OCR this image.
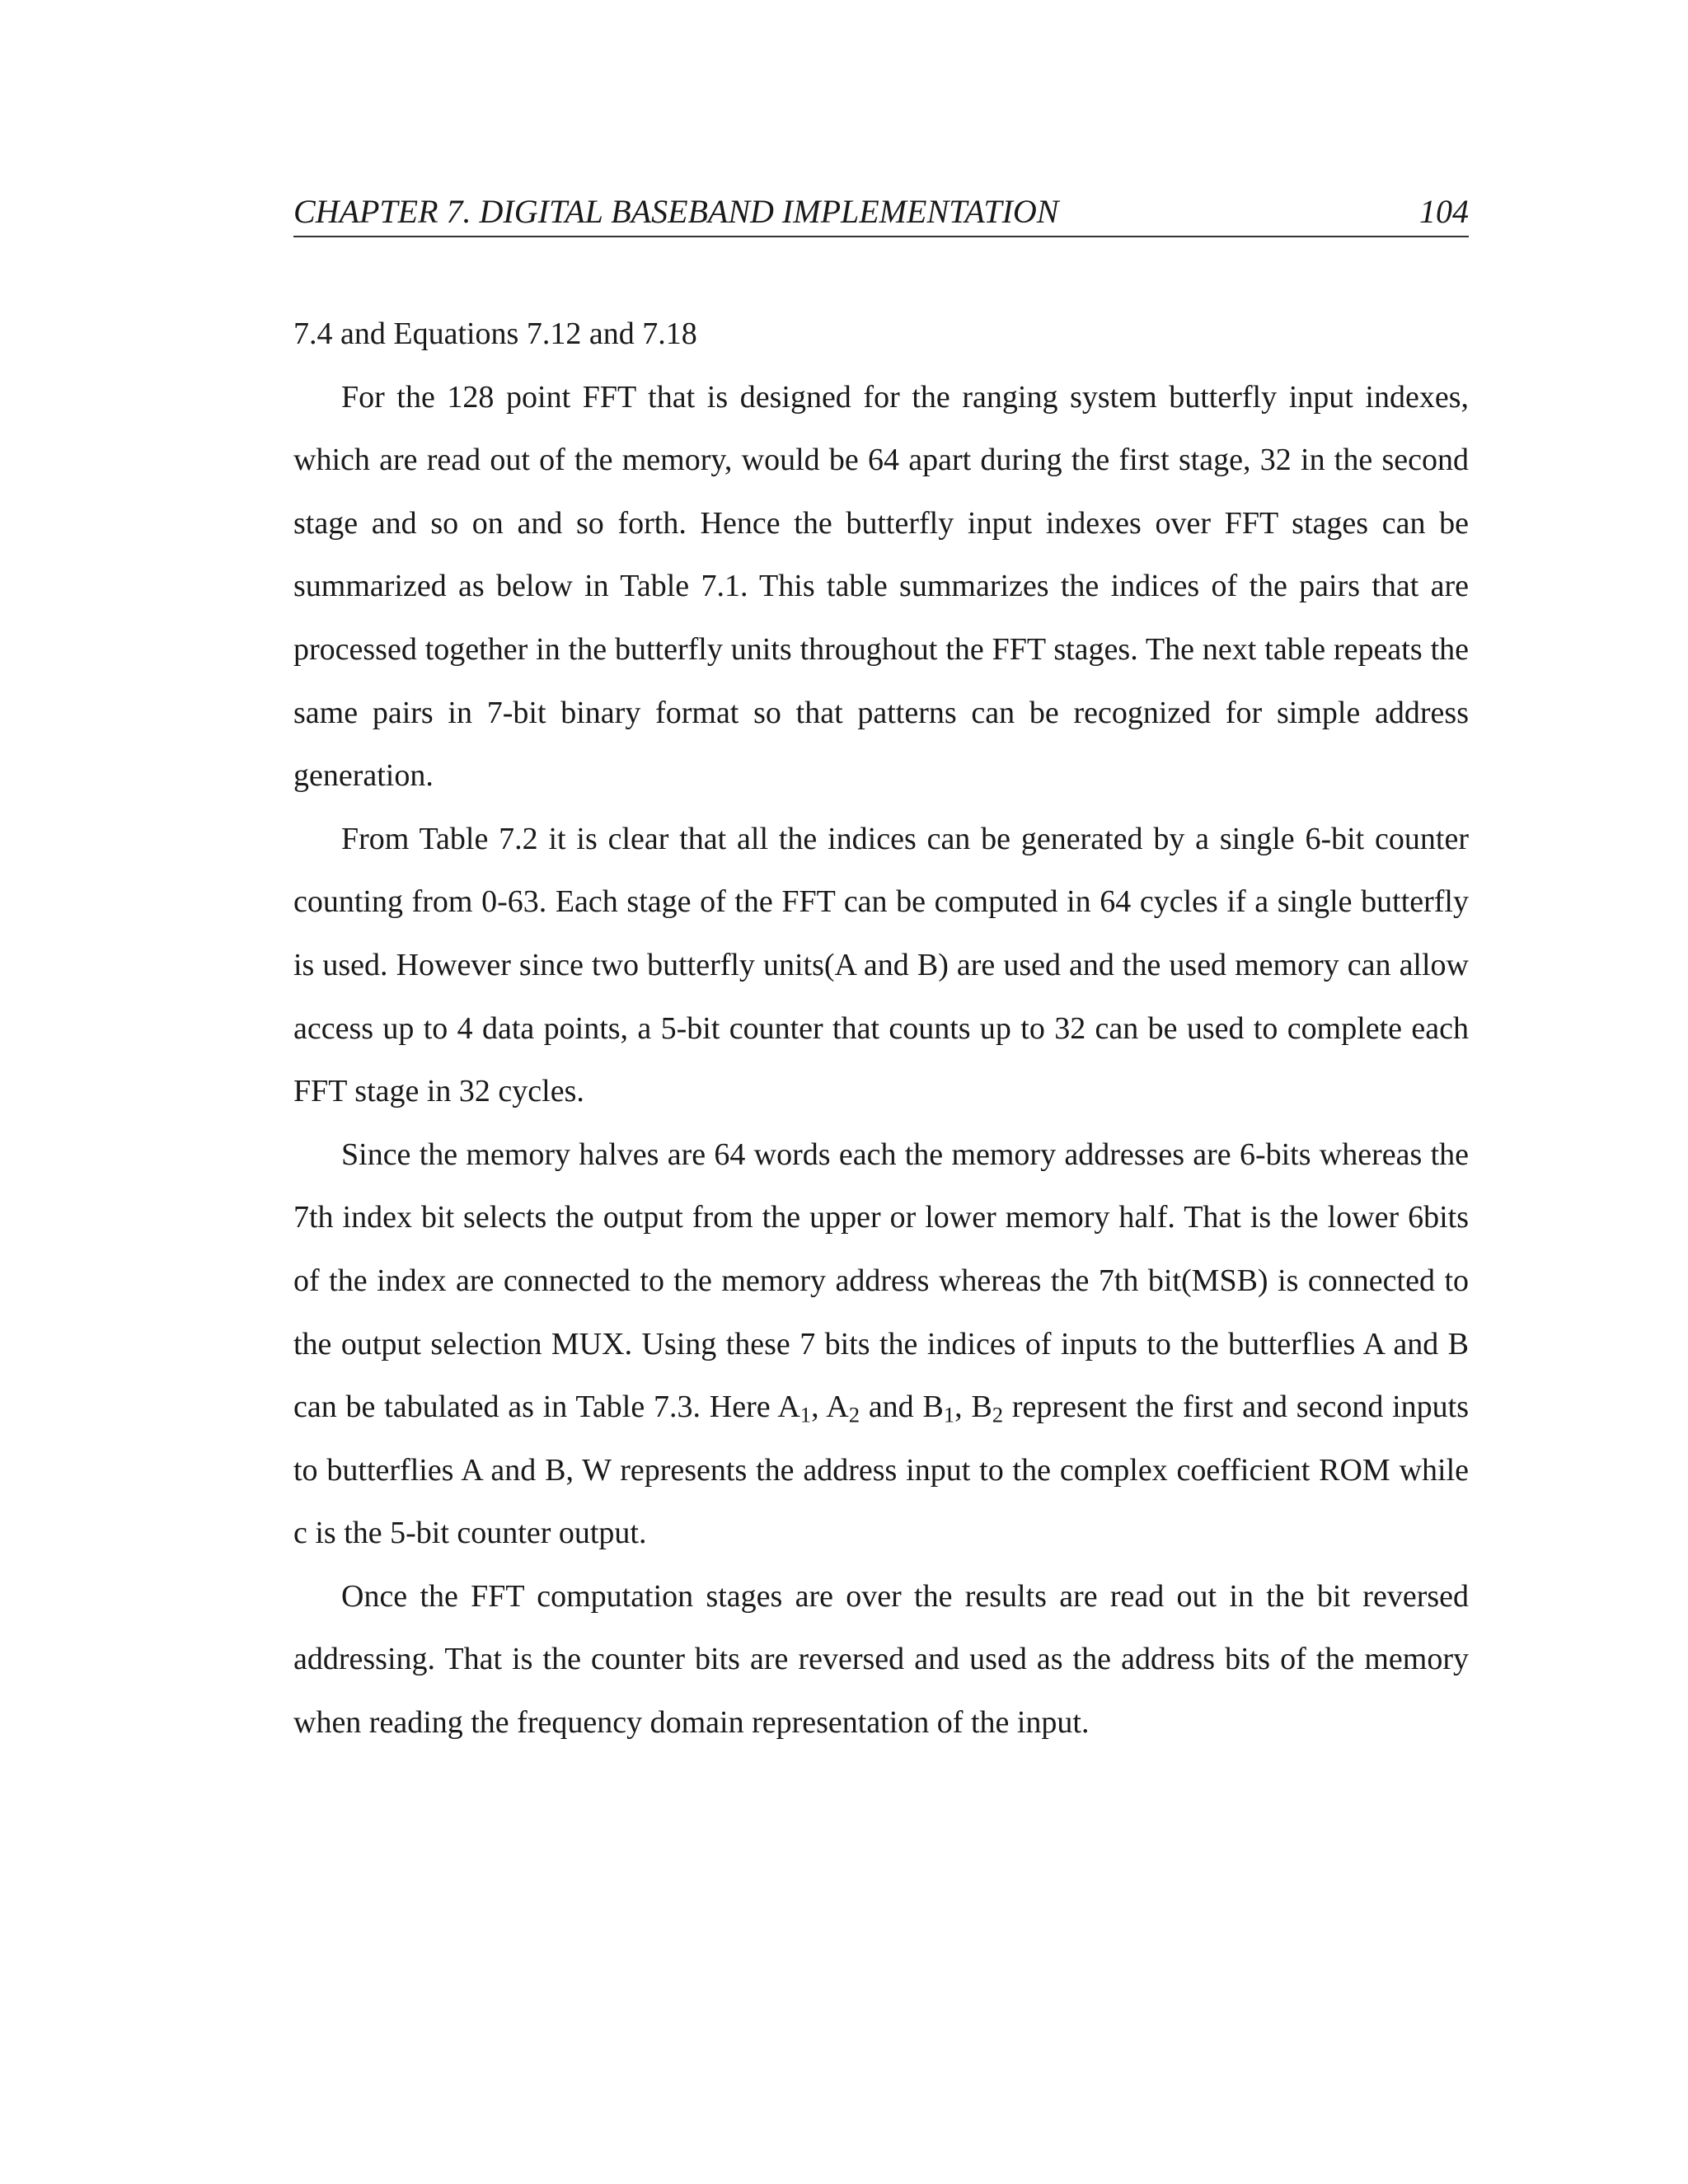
CHAPTER 7. DIGITAL BASEBAND IMPLEMENTATION	104

7.4 and Equations 7.12 and 7.18

For the 128 point FFT that is designed for the ranging system butterfly input indexes, which are read out of the memory, would be 64 apart during the first stage, 32 in the second stage and so on and so forth. Hence the butterfly input indexes over FFT stages can be summarized as below in Table 7.1. This table summarizes the indices of the pairs that are processed together in the butterfly units throughout the FFT stages. The next table repeats the same pairs in 7-bit binary format so that patterns can be recognized for simple address generation.

From Table 7.2 it is clear that all the indices can be generated by a single 6-bit counter counting from 0-63. Each stage of the FFT can be computed in 64 cycles if a single butterfly is used. However since two butterfly units(A and B) are used and the used memory can allow access up to 4 data points, a 5-bit counter that counts up to 32 can be used to complete each FFT stage in 32 cycles.

Since the memory halves are 64 words each the memory addresses are 6-bits whereas the 7th index bit selects the output from the upper or lower memory half. That is the lower 6bits of the index are connected to the memory address whereas the 7th bit(MSB) is connected to the output selection MUX. Using these 7 bits the indices of inputs to the butterflies A and B can be tabulated as in Table 7.3. Here $A_1$, $A_2$ and $B_1$, $B_2$ represent the first and second inputs to butterflies A and B, W represents the address input to the complex coefficient ROM while c is the 5-bit counter output.

Once the FFT computation stages are over the results are read out in the bit reversed addressing. That is the counter bits are reversed and used as the address bits of the memory when reading the frequency domain representation of the input.
